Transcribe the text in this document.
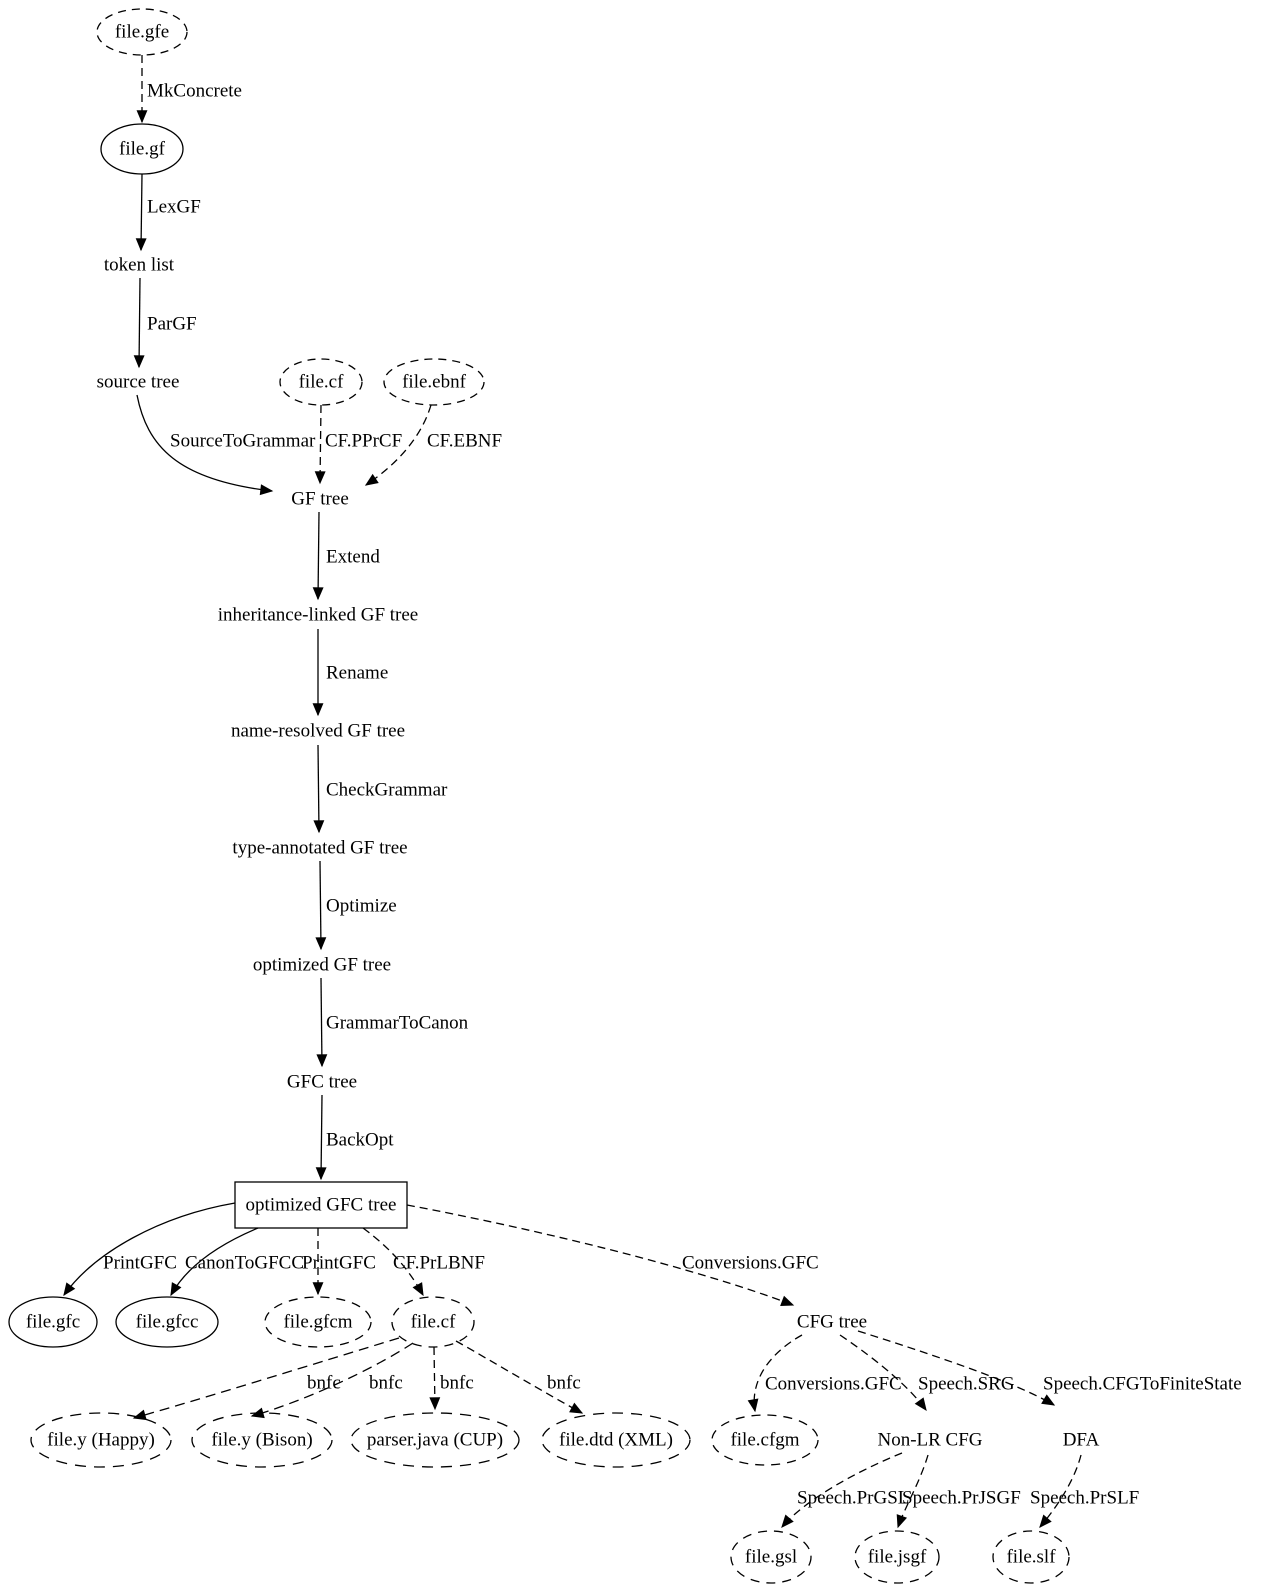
file.gfe
file.gf
token list
source tree	file.cf	file.ebnf
GF tree
inheritance-linked GF tree
name-resolved GF tree
type-annotated GF tree
optimized GF tree
GFC tree
optimized GFC tree
file.gfc	file.gfcc	file.gfcm	file.cf	CFG tree
file.y (Happy)	file.y (Bison)	parser.java (CUP)	file.dtd (XML)	file.cfgm	Non-LR CFG	DFA
file.gsl	file.jsgf	file.slf
MkConcrete
LexGF
ParGF
SourceToGrammar CF.PPrCF CF.EBNF
Extend
Rename
CheckGrammar
Optimize
GrammarToCanon
BackOpt
PrintGFC CanonToGFCC
PrintGFC CF.PrLBNF	Conversions.GFC
bnfc bnfc bnfc	bnfc	Conversions.GFC Speech.SRG Speech.CFGToFiniteState
Speech.PrGSL
Speech.PrJSGF Speech.PrSLF
